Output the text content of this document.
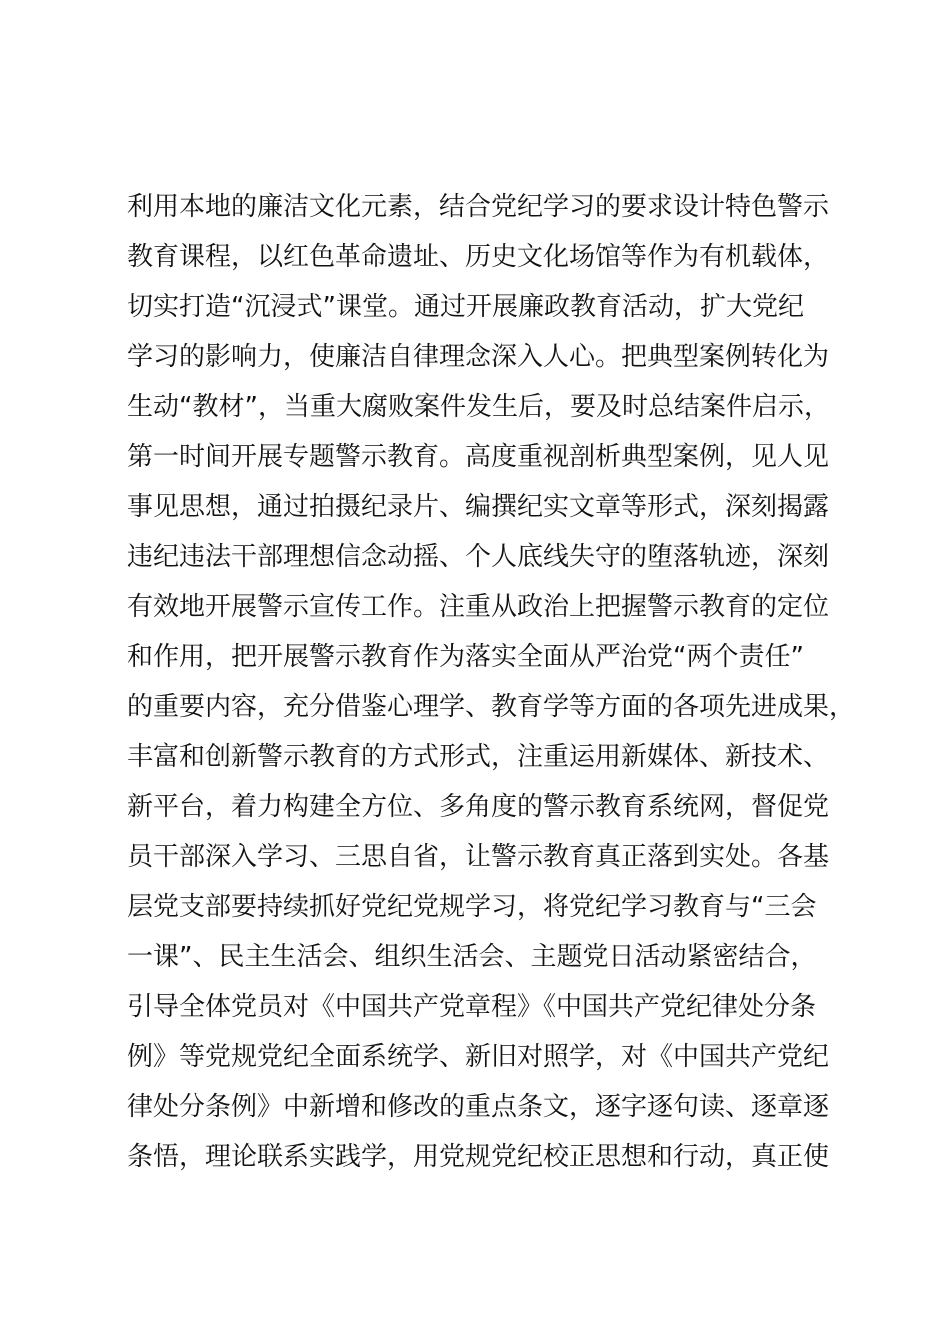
利用本地的廉洁文化元素，结合党纪学习的要求设计特色警示
教育课程，以红色革命遗址、历史文化场馆等作为有机载体，
切实打造“沉浸式”课堂。通过开展廉政教育活动，扩大党纪
学习的影响力，使廉洁自律理念深入人心。把典型案例转化为
生动“教材”，当重大腐败案件发生后，要及时总结案件启示，
第一时间开展专题警示教育。高度重视剖析典型案例，见人见
事见思想，通过拍摄纪录片、编撰纪实文章等形式，深刻揭露
违纪违法干部理想信念动摇、个人底线失守的堕落轨迹，深刻
有效地开展警示宣传工作。注重从政治上把握警示教育的定位
和作用，把开展警示教育作为落实全面从严治党“两个责任”
的重要内容，充分借鉴心理学、教育学等方面的各项先进成果，
丰富和创新警示教育的方式形式，注重运用新媒体、新技术、
新平台，着力构建全方位、多角度的警示教育系统网，督促党
员干部深入学习、三思自省，让警示教育真正落到实处。各基
层党支部要持续抓好党纪党规学习，将党纪学习教育与“三会
一课”、民主生活会、组织生活会、主题党日活动紧密结合，
引导全体党员对《中国共产党章程》《中国共产党纪律处分条
例》等党规党纪全面系统学、新旧对照学，对《中国共产党纪
律处分条例》中新增和修改的重点条文，逐字逐句读、逐章逐
条悟，理论联系实践学，用党规党纪校正思想和行动，真正使
